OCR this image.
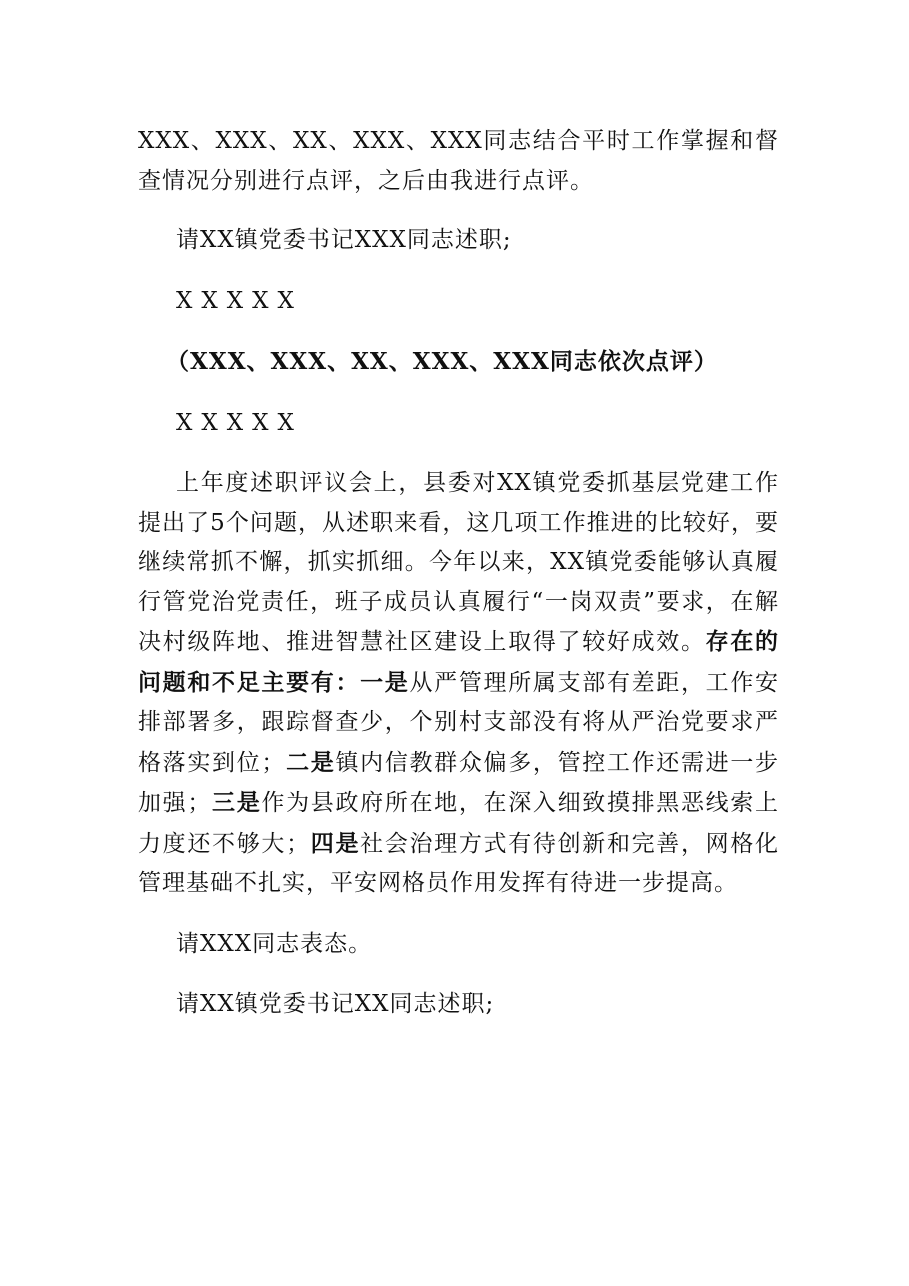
XXX、XXX、XX、XXX、XXX同志结合平时工作掌握和督查情况分别进行点评，之后由我进行点评。

请XX镇党委书记XXX同志述职;

XXXXX

（XXX、XXX、XX、XXX、XXX同志依次点评）

XXXXX

上年度述职评议会上，县委对XX镇党委抓基层党建工作提出了5个问题，从述职来看，这几项工作推进的比较好，要继续常抓不懈，抓实抓细。今年以来，XX镇党委能够认真履行管党治党责任，班子成员认真履行“一岗双责”要求，在解决村级阵地、推进智慧社区建设上取得了较好成效。存在的问题和不足主要有：一是从严管理所属支部有差距，工作安排部署多，跟踪督查少，个别村支部没有将从严治党要求严格落实到位；二是镇内信教群众偏多，管控工作还需进一步加强；三是作为县政府所在地，在深入细致摸排黑恶线索上力度还不够大；四是社会治理方式有待创新和完善，网格化管理基础不扎实，平安网格员作用发挥有待进一步提高。

请XXX同志表态。

请XX镇党委书记XX同志述职;
